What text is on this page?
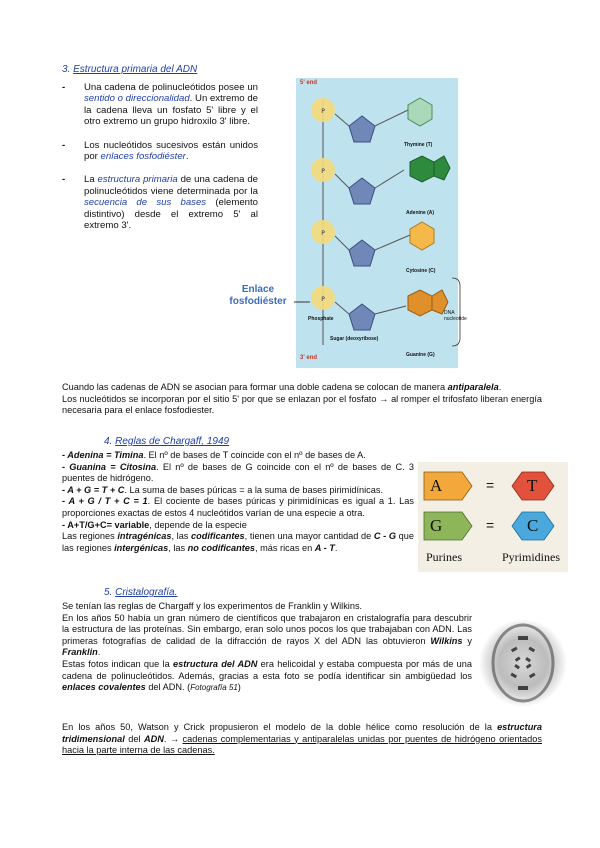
3. Estructura primaria del ADN
- Una cadena de polinucleótidos posee un sentido o direccionalidad. Un extremo de la cadena lleva un fosfato 5' libre y el otro extremo un grupo hidroxilo 3' libre.
- Los nucleótidos sucesivos están unidos por enlaces fosfodiéster.
- La estructura primaria de una cadena de polinucleótidos viene determinada por la secuencia de sus bases (elemento distintivo) desde el extremo 5' al extremo 3'.
P
P
P
P
5' end
3' end
Enlace
fosfodiéster
Phosphate
Sugar (deoxyribose)
Thymine (T)
Adenine (A)
Cytosine (C)
Guanine (G)
DNA
nucleotide
Cuando las cadenas de ADN se asocian para formar una doble cadena se colocan de manera antiparalela.
Los nucleótidos se incorporan por el sitio 5' por que se enlazan por el fosfato → al romper el trifosfato liberan energía necesaria para el enlace fosfodiester.
4. Reglas de Chargaff, 1949
- Adenina = Timina. El nº de bases de T coincide con el nº de bases de A.
- Guanina = Citosina. El nº de bases de G coincide con el nº de bases de C. 3 puentes de hidrógeno.
- A + G = T + C. La suma de bases púricas = a la suma de bases pirimidínicas.
- A + G / T + C = 1. El cociente de bases púricas y pirimidínicas es igual a 1. Las proporciones exactas de estos 4 nucleótidos varían de una especie a otra.
- A+T/G+C= variable, depende de la especie
Las regiones intragénicas, las codificantes, tienen una mayor cantidad de C - G que las regiones intergénicas, las no codificantes, más ricas en A - T.
A	T
G	C
=
=
Purines	Pyrimidines
5. Cristalografía.
Se tenían las reglas de Chargaff y los experimentos de Franklin y Wilkins.
En los años 50 había un gran número de científicos que trabajaron en cristalografía para descubrir la estructura de las proteínas. Sin embargo, eran solo unos pocos los que trabajaban con ADN. Las primeras fotografías de calidad de la difracción de rayos X del ADN las obtuvieron Wilkins y Franklin.
Estas fotos indican que la estructura del ADN era helicoidal y estaba compuesta por más de una cadena de polinucleótidos. Además, gracias a esta foto se podía identificar sin ambigüedad los enlaces covalentes del ADN. (Fotografía 51)
En los años 50, Watson y Crick propusieron el modelo de la doble hélice como resolución de la estructura tridimensional del ADN. → cadenas complementarias y antiparalelas unidas por puentes de hidrógeno orientados hacia la parte interna de las cadenas.
